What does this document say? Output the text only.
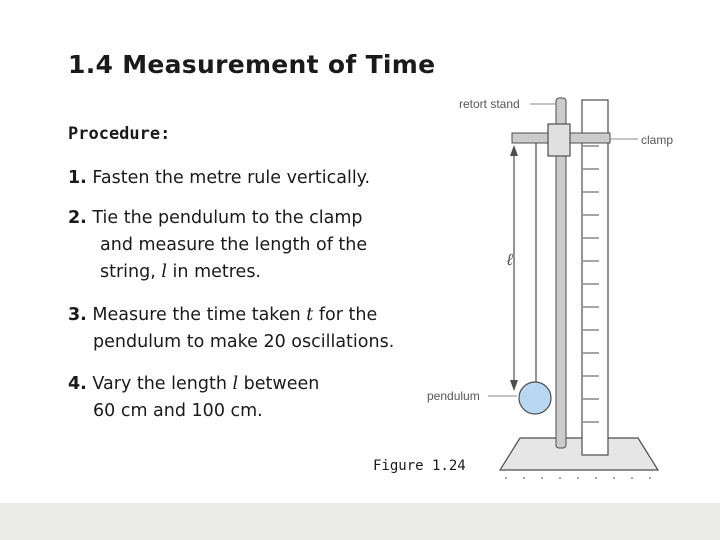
1.4 Measurement of Time
Procedure:
1. Fasten the metre rule vertically.
2. Tie the pendulum to the clamp
and measure the length of the
string, l in metres.
3. Measure the time taken t for the
pendulum to make 20 oscillations.
4. Vary the length l between
60 cm and 100 cm.
retort stand
clamp
pendulum
ℓ
Figure 1.24
